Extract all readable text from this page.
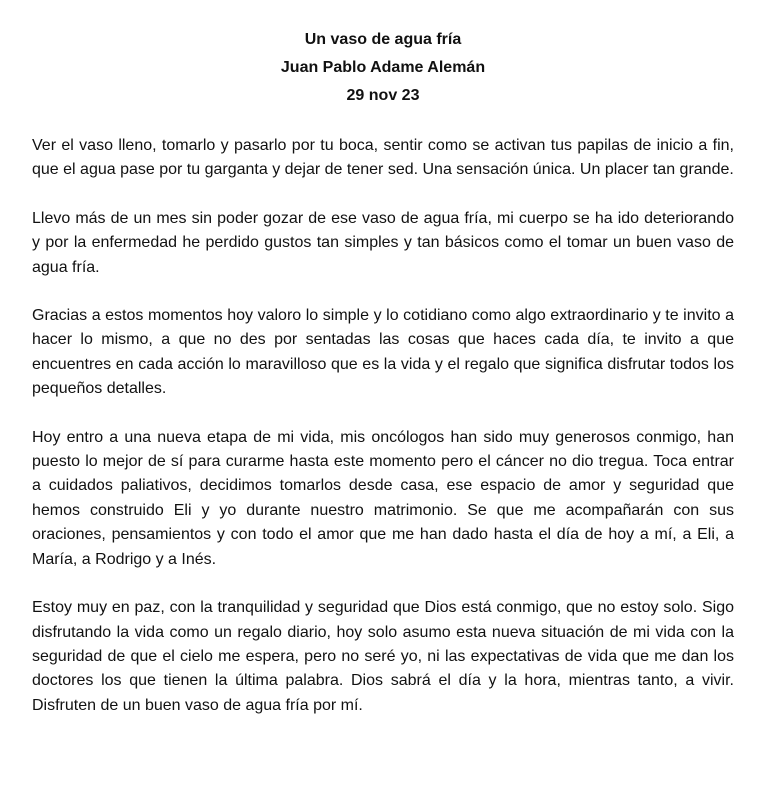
Un vaso de agua fría
Juan Pablo Adame Alemán
29 nov 23

Ver el vaso lleno, tomarlo y pasarlo por tu boca, sentir como se activan tus papilas de inicio a fin, que el agua pase por tu garganta y dejar de tener sed. Una sensación única. Un placer tan grande.

Llevo más de un mes sin poder gozar de ese vaso de agua fría, mi cuerpo se ha ido deteriorando y por la enfermedad he perdido gustos tan simples y tan básicos como el tomar un buen vaso de agua fría.

Gracias a estos momentos hoy valoro lo simple y lo cotidiano como algo extraordinario y te invito a hacer lo mismo, a que no des por sentadas las cosas que haces cada día, te invito a que encuentres en cada acción lo maravilloso que es la vida y el regalo que significa disfrutar todos los pequeños detalles.

Hoy entro a una nueva etapa de mi vida, mis oncólogos han sido muy generosos conmigo, han puesto lo mejor de sí para curarme hasta este momento pero el cáncer no dio tregua. Toca entrar a cuidados paliativos, decidimos tomarlos desde casa, ese espacio de amor y seguridad que hemos construido Eli y yo durante nuestro matrimonio. Se que me acompañarán con sus oraciones, pensamientos y con todo el amor que me han dado hasta el día de hoy a mí, a Eli, a María, a Rodrigo y a Inés.

Estoy muy en paz, con la tranquilidad y seguridad que Dios está conmigo, que no estoy solo. Sigo disfrutando la vida como un regalo diario, hoy solo asumo esta nueva situación de mi vida con la seguridad de que el cielo me espera, pero no seré yo, ni las expectativas de vida que me dan los doctores los que tienen la última palabra. Dios sabrá el día y la hora, mientras tanto, a vivir. Disfruten de un buen vaso de agua fría por mí.
